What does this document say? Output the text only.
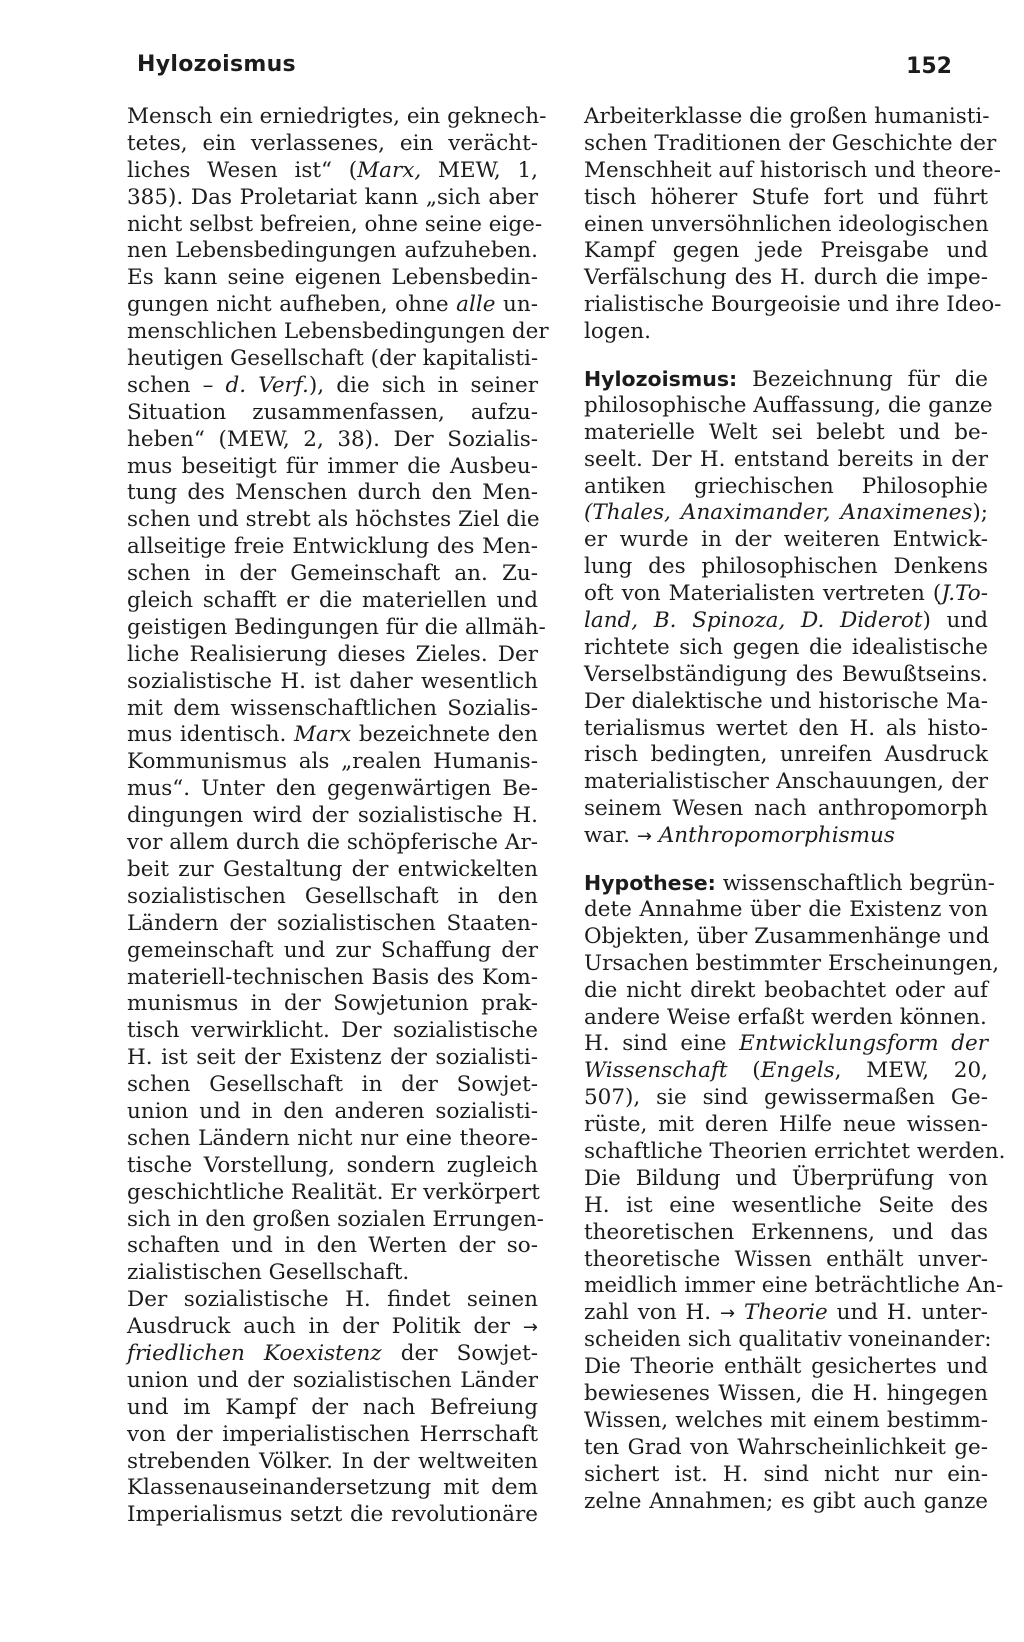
Hylozoismus	152
Mensch ein erniedrigtes, ein geknech-
tetes, ein verlassenes, ein verächt-
liches Wesen ist“ (Marx, MEW, 1,
385). Das Proletariat kann „sich aber
nicht selbst befreien, ohne seine eige-
nen Lebensbedingungen aufzuheben.
Es kann seine eigenen Lebensbedin-
gungen nicht aufheben, ohne alle un-
menschlichen Lebensbedingungen der
heutigen Gesellschaft (der kapitalisti-
schen – d. Verf.), die sich in seiner
Situation zusammenfassen, aufzu-
heben“ (MEW, 2, 38). Der Sozialis-
mus beseitigt für immer die Ausbeu-
tung des Menschen durch den Men-
schen und strebt als höchstes Ziel die
allseitige freie Entwicklung des Men-
schen in der Gemeinschaft an. Zu-
gleich schafft er die materiellen und
geistigen Bedingungen für die allmäh-
liche Realisierung dieses Zieles. Der
sozialistische H. ist daher wesentlich
mit dem wissenschaftlichen Sozialis-
mus identisch. Marx bezeichnete den
Kommunismus als „realen Humanis-
mus“. Unter den gegenwärtigen Be-
dingungen wird der sozialistische H.
vor allem durch die schöpferische Ar-
beit zur Gestaltung der entwickelten
sozialistischen Gesellschaft in den
Ländern der sozialistischen Staaten-
gemeinschaft und zur Schaffung der
materiell-technischen Basis des Kom-
munismus in der Sowjetunion prak-
tisch verwirklicht. Der sozialistische
H. ist seit der Existenz der sozialisti-
schen Gesellschaft in der Sowjet-
union und in den anderen sozialisti-
schen Ländern nicht nur eine theore-
tische Vorstellung, sondern zugleich
geschichtliche Realität. Er verkörpert
sich in den großen sozialen Errungen-
schaften und in den Werten der so-
zialistischen Gesellschaft.
Der sozialistische H. findet seinen
Ausdruck auch in der Politik der →
friedlichen Koexistenz der Sowjet-
union und der sozialistischen Länder
und im Kampf der nach Befreiung
von der imperialistischen Herrschaft
strebenden Völker. In der weltweiten
Klassenauseinandersetzung mit dem
Imperialismus setzt die revolutionäre
Arbeiterklasse die großen humanisti-
schen Traditionen der Geschichte der
Menschheit auf historisch und theore-
tisch höherer Stufe fort und führt
einen unversöhnlichen ideologischen
Kampf gegen jede Preisgabe und
Verfälschung des H. durch die impe-
rialistische Bourgeoisie und ihre Ideo-
logen.
Hylozoismus: Bezeichnung für die
philosophische Auffassung, die ganze
materielle Welt sei belebt und be-
seelt. Der H. entstand bereits in der
antiken griechischen Philosophie
(Thales, Anaximander, Anaximenes);
er wurde in der weiteren Entwick-
lung des philosophischen Denkens
oft von Materialisten vertreten (J.To-
land, B. Spinoza, D. Diderot) und
richtete sich gegen die idealistische
Verselbständigung des Bewußtseins.
Der dialektische und historische Ma-
terialismus wertet den H. als histo-
risch bedingten, unreifen Ausdruck
materialistischer Anschauungen, der
seinem Wesen nach anthropomorph
war. → Anthropomorphismus
Hypothese: wissenschaftlich begrün-
dete Annahme über die Existenz von
Objekten, über Zusammenhänge und
Ursachen bestimmter Erscheinungen,
die nicht direkt beobachtet oder auf
andere Weise erfaßt werden können.
H. sind eine Entwicklungsform der
Wissenschaft (Engels, MEW, 20,
507), sie sind gewissermaßen Ge-
rüste, mit deren Hilfe neue wissen-
schaftliche Theorien errichtet werden.
Die Bildung und Überprüfung von
H. ist eine wesentliche Seite des
theoretischen Erkennens, und das
theoretische Wissen enthält unver-
meidlich immer eine beträchtliche An-
zahl von H. → Theorie und H. unter-
scheiden sich qualitativ voneinander:
Die Theorie enthält gesichertes und
bewiesenes Wissen, die H. hingegen
Wissen, welches mit einem bestimm-
ten Grad von Wahrscheinlichkeit ge-
sichert ist. H. sind nicht nur ein-
zelne Annahmen; es gibt auch ganze
